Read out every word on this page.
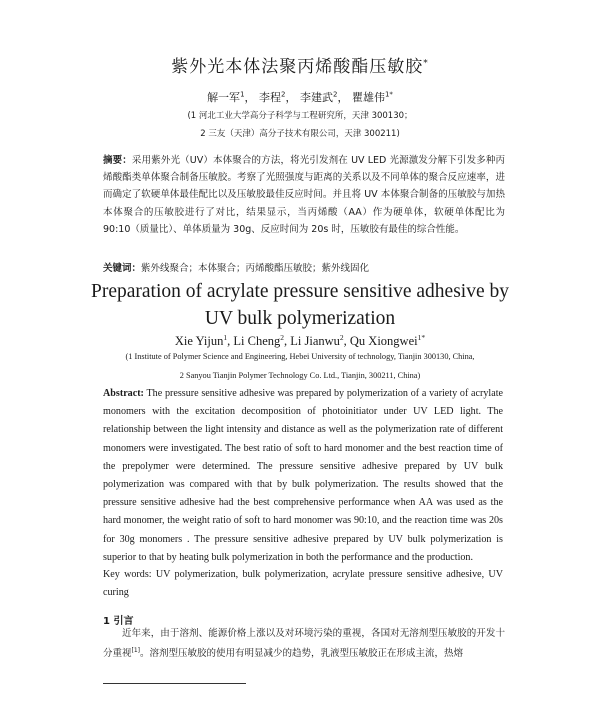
紫外光本体法聚丙烯酸酯压敏胶*
解一军$^1$， 李程$^2$， 李建武$^2$， 瞿雄伟$^{1*}$
(1 河北工业大学高分子科学与工程研究所，天津 300130；
2 三友（天津）高分子技术有限公司，天津 300211)
摘要：采用紫外光（UV）本体聚合的方法，将光引发剂在 UV LED 光源激发分解下引发多种丙烯酸酯类单体聚合制备压敏胶。考察了光照强度与距离的关系以及不同单体的聚合反应速率，进而确定了软硬单体最佳配比以及压敏胶最佳反应时间。并且将 UV 本体聚合制备的压敏胶与加热本体聚合的压敏胶进行了对比，结果显示，当丙烯酸（AA）作为硬单体，软硬单体配比为 90:10（质量比）、单体质量为 30g、反应时间为 20s 时，压敏胶有最佳的综合性能。
关键词：紫外线聚合；本体聚合；丙烯酸酯压敏胶；紫外线固化
Preparation of acrylate pressure sensitive adhesive by
UV bulk polymerization
Xie Yijun$^1$, Li Cheng$^2$, Li Jianwu$^2$, Qu Xiongwei$^{1*}$
(1 Institute of Polymer Science and Engineering, Hebei University of technology, Tianjin 300130, China,
2 Sanyou Tianjin Polymer Technology Co. Ltd., Tianjin, 300211, China)
Abstract: The pressure sensitive adhesive was prepared by polymerization of a variety of acrylate monomers with the excitation decomposition of photoinitiator under UV LED light. The relationship between the light intensity and distance as well as the polymerization rate of different monomers were investigated. The best ratio of soft to hard monomer and the best reaction time of the prepolymer were determined. The pressure sensitive adhesive prepared by UV bulk polymerization was compared with that by bulk polymerization. The results showed that the pressure sensitive adhesive had the best comprehensive performance when AA was used as the hard monomer, the weight ratio of soft to hard monomer was 90:10, and the reaction time was 20s for 30g monomers . The pressure sensitive adhesive prepared by UV bulk polymerization is superior to that by heating bulk polymerization in both the performance and the production.
Key words: UV polymerization, bulk polymerization, acrylate pressure sensitive adhesive, UV curing
1 引言
近年来，由于溶剂、能源价格上涨以及对环境污染的重视，各国对无溶剂型压敏胶的开发十分重视[1]。溶剂型压敏胶的使用有明显减少的趋势，乳液型压敏胶正在形成主流，热熔
